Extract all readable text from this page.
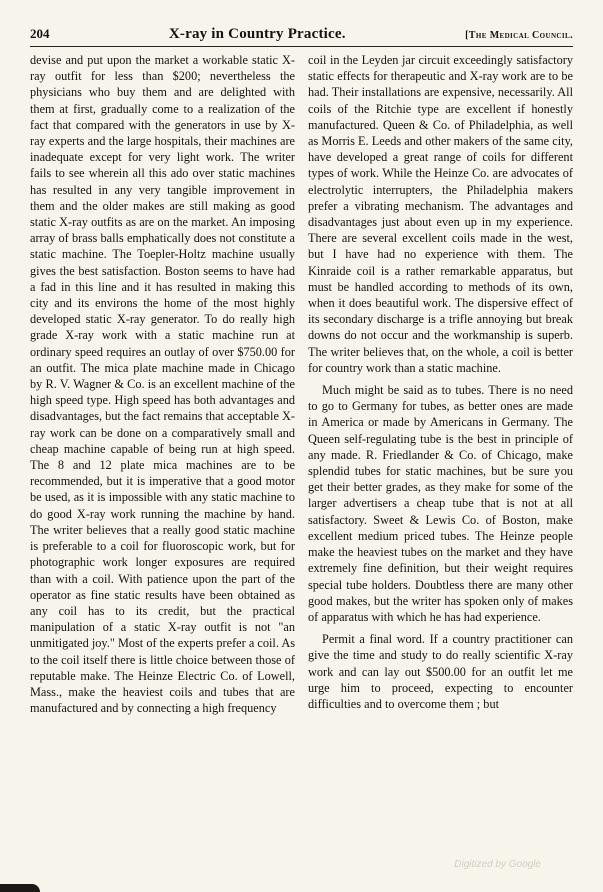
204	X-ray in Country Practice.	[The Medical Council.

devise and put upon the market a workable static X-ray outfit for less than $200; nevertheless the physicians who buy them and are delighted with them at first, gradually come to a realization of the fact that compared with the generators in use by X-ray experts and the large hospitals, their machines are inadequate except for very light work. The writer fails to see wherein all this ado over static machines has resulted in any very tangible improvement in them and the older makes are still making as good static X-ray outfits as are on the market. An imposing array of brass balls emphatically does not constitute a static machine. The Toepler-Holtz machine usually gives the best satisfaction. Boston seems to have had a fad in this line and it has resulted in making this city and its environs the home of the most highly developed static X-ray generator. To do really high grade X-ray work with a static machine run at ordinary speed requires an outlay of over $750.00 for an outfit. The mica plate machine made in Chicago by R. V. Wagner & Co. is an excellent machine of the high speed type. High speed has both advantages and disadvantages, but the fact remains that acceptable X-ray work can be done on a comparatively small and cheap machine capable of being run at high speed. The 8 and 12 plate mica machines are to be recommended, but it is imperative that a good motor be used, as it is impossible with any static machine to do good X-ray work running the machine by hand. The writer believes that a really good static machine is preferable to a coil for fluoroscopic work, but for photographic work longer exposures are required than with a coil. With patience upon the part of the operator as fine static results have been obtained as any coil has to its credit, but the practical manipulation of a static X-ray outfit is not "an unmitigated joy." Most of the experts prefer a coil. As to the coil itself there is little choice between those of reputable make. The Heinze Electric Co. of Lowell, Mass., make the heaviest coils and tubes that are manufactured and by connecting a high frequency

coil in the Leyden jar circuit exceedingly satisfactory static effects for therapeutic and X-ray work are to be had. Their installations are expensive, necessarily. All coils of the Ritchie type are excellent if honestly manufactured. Queen & Co. of Philadelphia, as well as Morris E. Leeds and other makers of the same city, have developed a great range of coils for different types of work. While the Heinze Co. are advocates of electrolytic interrupters, the Philadelphia makers prefer a vibrating mechanism. The advantages and disadvantages just about even up in my experience. There are several excellent coils made in the west, but I have had no experience with them. The Kinraide coil is a rather remarkable apparatus, but must be handled according to methods of its own, when it does beautiful work. The dispersive effect of its secondary discharge is a trifle annoying but break downs do not occur and the workmanship is superb. The writer believes that, on the whole, a coil is better for country work than a static machine.

Much might be said as to tubes. There is no need to go to Germany for tubes, as better ones are made in America or made by Americans in Germany. The Queen self-regulating tube is the best in principle of any made. R. Friedlander & Co. of Chicago, make splendid tubes for static machines, but be sure you get their better grades, as they make for some of the larger advertisers a cheap tube that is not at all satisfactory. Sweet & Lewis Co. of Boston, make excellent medium priced tubes. The Heinze people make the heaviest tubes on the market and they have extremely fine definition, but their weight requires special tube holders. Doubtless there are many other good makes, but the writer has spoken only of makes of apparatus with which he has had experience.

Permit a final word. If a country practitioner can give the time and study to do really scientific X-ray work and can lay out $500.00 for an outfit let me urge him to proceed, expecting to encounter difficulties and to overcome them ; but

Digitized by Google
